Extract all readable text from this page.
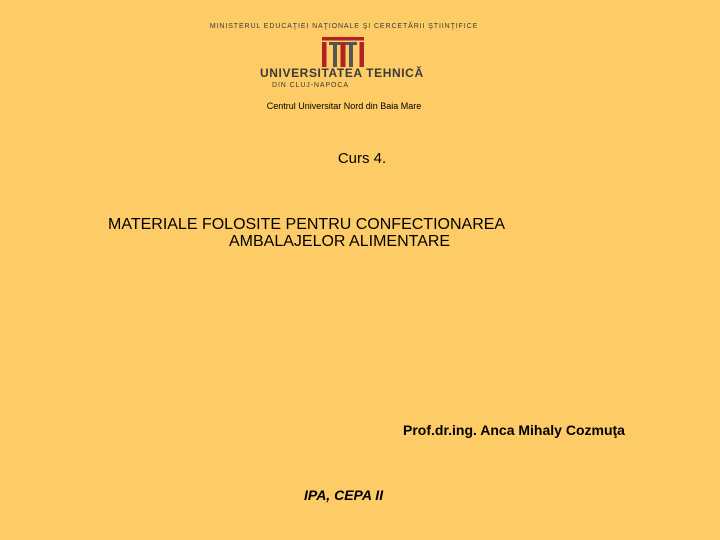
MINISTERUL EDUCAŢIEI NAŢIONALE ŞI CERCETĂRII ŞTIINŢIFICE
UNIVERSITATEA TEHNICĂ
DIN CLUJ-NAPOCA
Centrul Universitar Nord din Baia Mare
Curs 4.
MATERIALE FOLOSITE PENTRU CONFECTIONAREA
AMBALAJELOR ALIMENTARE
Prof.dr.ing. Anca Mihaly Cozmuţa
IPA, CEPA II
